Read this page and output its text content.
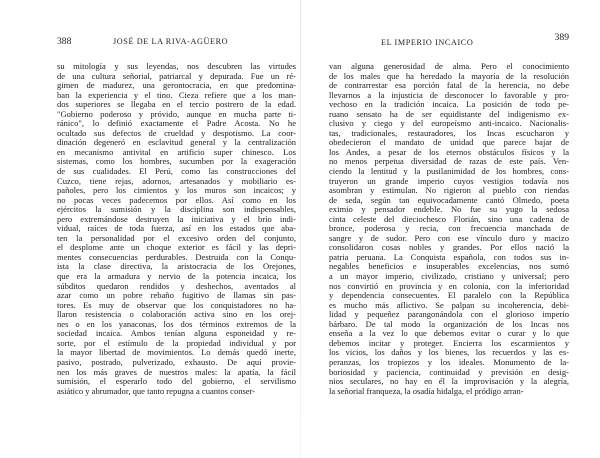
388	JOSÉ DE LA RIVA-AGÜERO
su mitología y sus leyendas, nos descubren las virtudes
de una cultura señorial, patriarcal y depurada. Fue un ré-
gimen de madurez, una gerontocracia, en que predomina-
ban la experiencia y el tino. Cieza refiere que a los man-
dos superiores se llegaba en el tercio postrero de la edad.
"Gobierno poderoso y próvido, aunque en mucha parte ti-
ránico", lo definió exactamente el Padre Acosta. No he
ocultado sus defectos de crueldad y despotismo. La coor-
dinación degeneró en esclavitud general y la centralización
en mecanismo antivital en artificio super chinesco. Los
sistemas, como los hombres, sucumben por la exageración
de sus cualidades. El Perú, como las construcciones del
Cuzco, tiene rejas, adornos, artesanados y mobiliario es-
pañoles, pero los cimientos y los muros son incaicos; y
no pocas veces padecemos por ellos. Así como en los
ejércitos la sumisión y la disciplina son indispensables,
pero extremándose destruyen la iniciativa y el brío indi-
vidual, raíces de toda fuerza, así en los estados que aba-
ten la personalidad por el excesivo orden del conjunto,
el desplome ante un choque exterior es fácil y las depri-
mentes consecuencias perdurables. Destruida con la Conqu-
ista la clase directiva, la aristocracia de los Orejones,
que era la armadura y nervio de la potencia incaica, los
súbditos quedaron rendidos y deshechos, aventados al
azar como un pobre rebaño fugitivo de llamas sin pas-
tores. Es muy de observar que los conquistadores no ha-
llaron resistencia o colaboración activa sino en los orej-
nes o en los yanaconas, los dos términos extremos de la
sociedad incaica. Ambos tenían alguna esponeidad y re-
sorte, por el estímulo de la propiedad individual y por
la mayor libertad de movimientos. Lo demás quedó inerte,
pasivo, postrado, pulverizado, exhausto. De aquí provie-
nen los más graves de nuestros males: la apatía, la fácil
sumisión, el esperarlo todo del gobierno, el servilismo
asiático y abrumador, que tanto repugna a cuantos conser-
EL IMPERIO INCAICO	389
van alguna generosidad de alma. Pero el conocimiento
de los males que ha heredado la mayoría de la resolución
de contrarrestar esa porción fatal de la herencia, no debe
llevarnos a la injusticia de desconocer lo favorable y pro-
vechoso en la tradición incaica. La posición de todo pe-
ruano sensato ha de ser equidistante del indigenismo ex-
clusivo y ciego y del europeísmo anti-incaico. Nacionalis-
tas, tradicionales, restauradores, los Incas escucharon y
obedecieron el mandato de unidad que parece bajar de
los Andes, a pesar de los eternos obstáculos físicos y la
no menos perpetua diversidad de razas de este país. Ven-
ciendo la lentitud y la pusilanimidad de los hombres, cons-
truyeron un grande imperio cuyos vestigios todavía nos
asombran y estimulan. No rigieron al pueblo con riendas
de seda, según tan equivocadamente cantó Olmedo, poeta
eximio y pensador endeble. No fue su yugo la sedosa
cinta celeste del dieciochesco Florián, sino una cadena de
bronce, poderosa y recia, con frecuencia manchada de
sangre y de sudor. Pero con ese vínculo duro y macizo
consolidaron cosas nobles y grandes. Por ellos nació la
patria peruana. La Conquista española, con todos sus in-
negables beneficios e insuperables excelencias, nos sumó
a un mayor imperio, civilizado, cristiano y universal; pero
nos convirtió en provincia y en colonia, con la inferioridad
y dependencia consecuentes. El paralelo con la República
es mucho más aflictivo. Se palpan su incoherencia, debi-
lidad y pequeñez parangonándola con el glorioso imperio
bárbaro. De tal modo la organización de los Incas nos
enseña a la vez lo que debemos evitar o curar y lo que
debemos incitar y proteger. Encierra los escarmientos y
los vicios, los daños y los bienes, los recuerdos y las es-
peranzas, los tropiezos y los ideales. Monumento de la-
boriosidad y paciencia, continuidad y previsión en desig-
nios seculares, no hay en él la improvisación y la alegría,
la señorial franqueza, la osadía hidalga, el pródigo arran-
